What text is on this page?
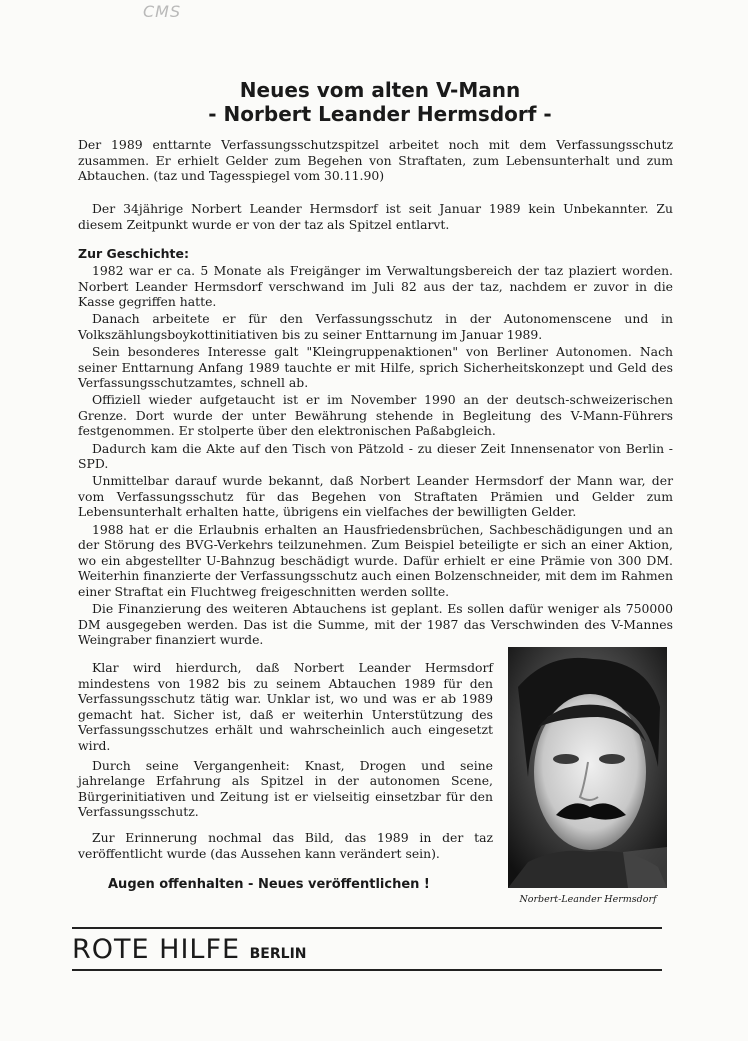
CMS
Neues vom alten V-Mann
- Norbert Leander Hermsdorf -
Der 1989 enttarnte Verfassungsschutzspitzel arbeitet noch mit dem Verfassungsschutz zusammen. Er erhielt Gelder zum Begehen von Straftaten, zum Lebensunterhalt und zum Abtauchen. (taz und Tagesspiegel vom 30.11.90)
Der 34jährige Norbert Leander Hermsdorf ist seit Januar 1989 kein Unbekannter. Zu diesem Zeitpunkt wurde er von der taz als Spitzel entlarvt.
Zur Geschichte:

1982 war er ca. 5 Monate als Freigänger im Verwaltungsbereich der taz plaziert worden. Norbert Leander Hermsdorf verschwand im Juli 82 aus der taz, nachdem er zuvor in die Kasse gegriffen hatte.

Danach arbeitete er für den Verfassungsschutz in der Autonomenscene und in Volkszählungsboykottinitiativen bis zu seiner Enttarnung im Januar 1989.

Sein besonderes Interesse galt "Kleingruppenaktionen" von Berliner Autonomen. Nach seiner Enttarnung Anfang 1989 tauchte er mit Hilfe, sprich Sicherheitskonzept und Geld des Verfassungsschutzamtes, schnell ab.

Offiziell wieder aufgetaucht ist er im November 1990 an der deutsch-schweizerischen Grenze. Dort wurde der unter Bewährung stehende in Begleitung des V-Mann-Führers festgenommen. Er stolperte über den elektronischen Paßabgleich.

Dadurch kam die Akte auf den Tisch von Pätzold - zu dieser Zeit Innensenator von Berlin - SPD.

Unmittelbar darauf wurde bekannt, daß Norbert Leander Hermsdorf der Mann war, der vom Verfassungsschutz für das Begehen von Straftaten Prämien und Gelder zum Lebensunterhalt erhalten hatte, übrigens ein vielfaches der bewilligten Gelder.

1988 hat er die Erlaubnis erhalten an Hausfriedensbrüchen, Sachbeschädigungen und an der Störung des BVG-Verkehrs teilzunehmen. Zum Beispiel beteiligte er sich an einer Aktion, wo ein abgestellter U-Bahnzug beschädigt wurde. Dafür erhielt er eine Prämie von 300 DM. Weiterhin finanzierte der Verfassungsschutz auch einen Bolzenschneider, mit dem im Rahmen einer Straftat ein Fluchtweg freigeschnitten werden sollte.

Die Finanzierung des weiteren Abtauchens ist geplant. Es sollen dafür weniger als 750000 DM ausgegeben werden. Das ist die Summe, mit der 1987 das Verschwinden des V-Mannes Weingraber finanziert wurde.

Klar wird hierdurch, daß Norbert Leander Hermsdorf mindestens von 1982 bis zu seinem Abtauchen 1989 für den Verfassungsschutz tätig war. Unklar ist, wo und was er ab 1989 gemacht hat. Sicher ist, daß er weiterhin Unterstützung des Verfassungsschutzes erhält und wahrscheinlich auch eingesetzt wird.

Durch seine Vergangenheit: Knast, Drogen und seine jahrelange Erfahrung als Spitzel in der autonomen Scene, Bürgerinitiativen und Zeitung ist er vielseitig einsetzbar für den Verfassungsschutz.

Zur Erinnerung nochmal das Bild, das 1989 in der taz veröffentlicht wurde (das Aussehen kann verändert sein).

Augen offenhalten - Neues veröffentlichen !
Norbert-Leander Hermsdorf
ROTE HILFE BERLIN
